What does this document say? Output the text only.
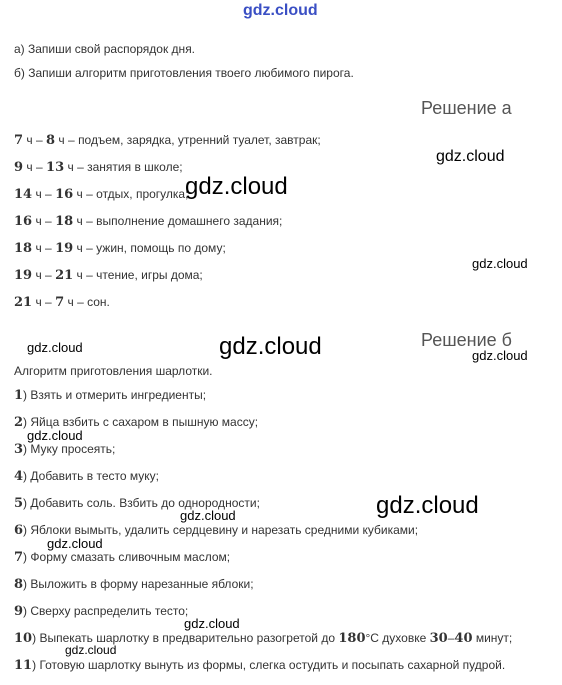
gdz.cloud
а) Запиши свой распорядок дня.
б) Запиши алгоритм приготовления твоего любимого пирога.
Решение а
7 ч – 8 ч – подъем, зарядка, утренний туалет, завтрак;
9 ч – 13 ч – занятия в школе;
14 ч – 16 ч – отдых, прогулка;
16 ч – 18 ч – выполнение домашнего задания;
18 ч – 19 ч – ужин, помощь по дому;
19 ч – 21 ч – чтение, игры дома;
21 ч – 7 ч – сон.
Решение б
Алгоритм приготовления шарлотки.
1) Взять и отмерить ингредиенты;
2) Яйца взбить с сахаром в пышную массу;
3) Муку просеять;
4) Добавить в тесто муку;
5) Добавить соль. Взбить до однородности;
6) Яблоки вымыть, удалить сердцевину и нарезать средними кубиками;
7) Форму смазать сливочным маслом;
8) Выложить в форму нарезанные яблоки;
9) Сверху распределить тесто;
10) Выпекать шарлотку в предварительно разогретой до 180°C духовке 30–40 минут;
11) Готовую шарлотку вынуть из формы, слегка остудить и посыпать сахарной пудрой.
gdz.cloud
gdz.cloud
gdz.cloud
gdz.cloud	gdz.cloud	gdz.cloud
gdz.cloud
gdz.cloud
gdz.cloud
gdz.cloud
gdz.cloud
gdz.cloud
